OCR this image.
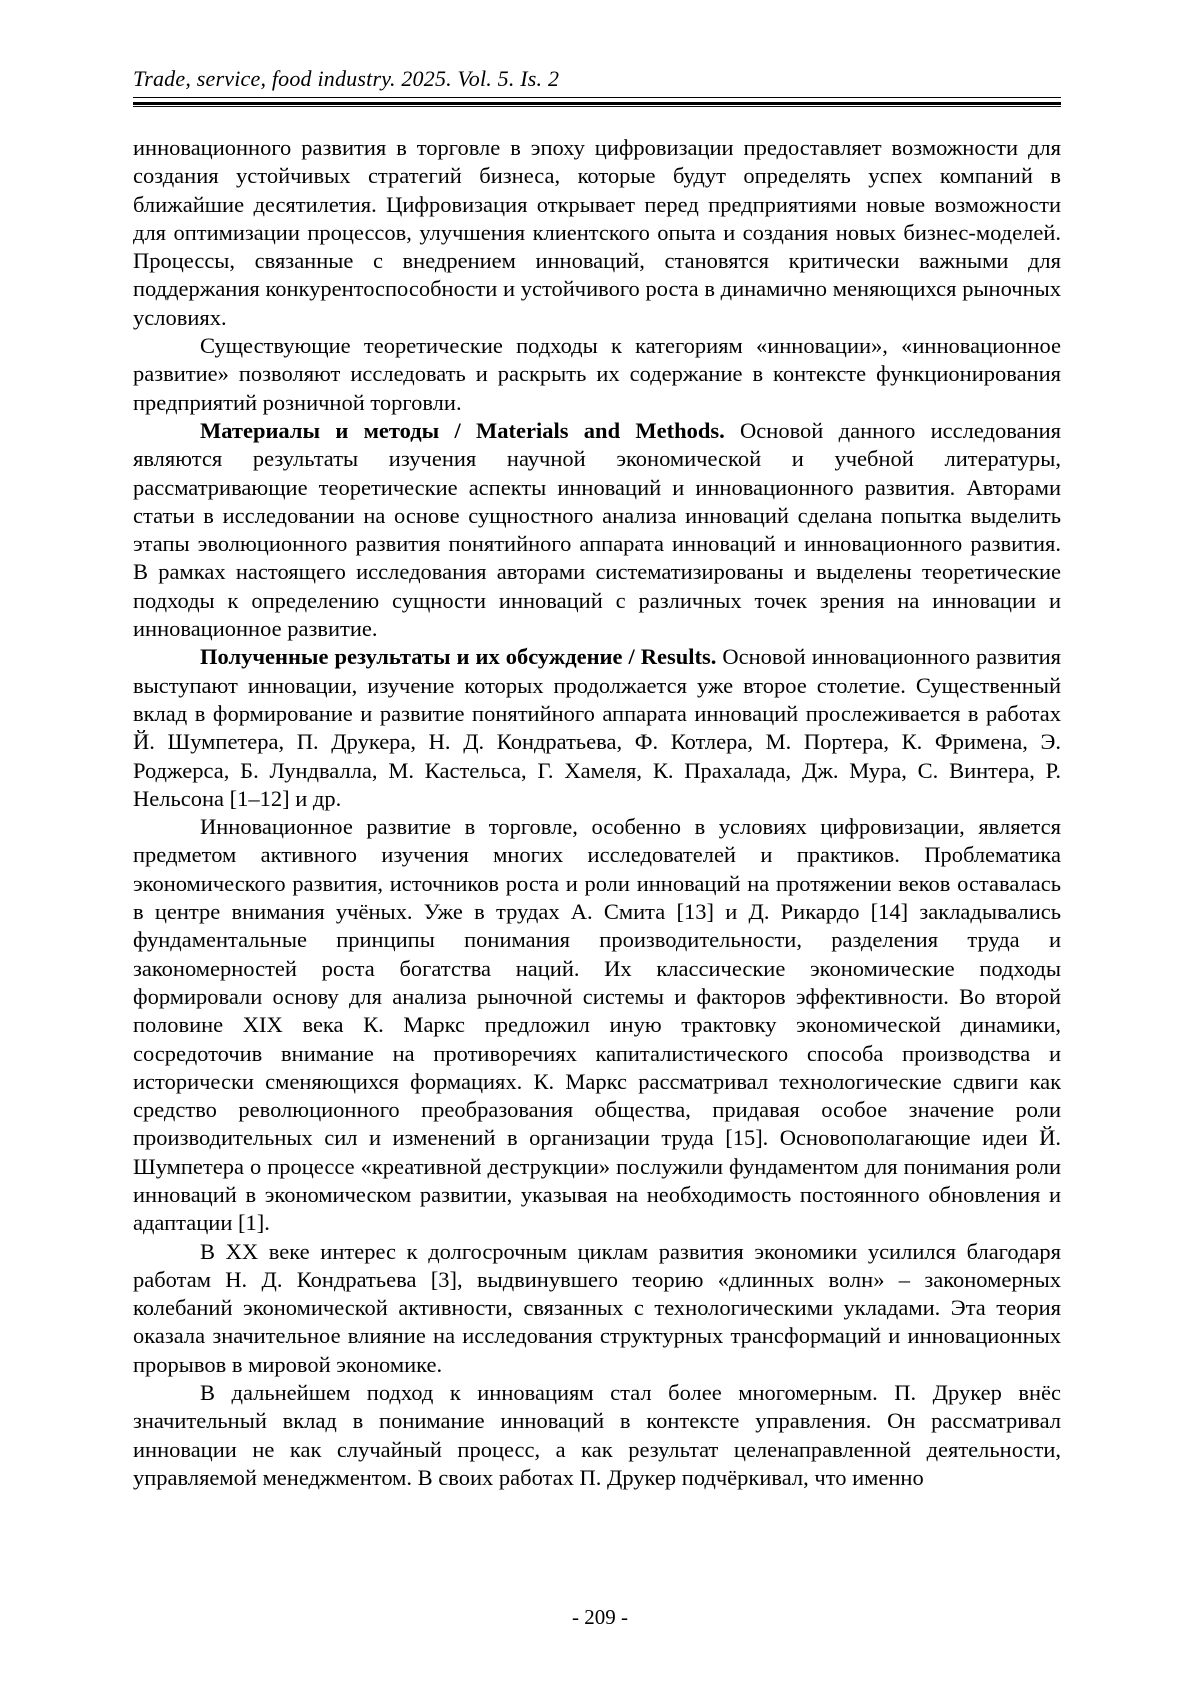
Trade, service, food industry. 2025. Vol. 5. Is. 2

инновационного развития в торговле в эпоху цифровизации предоставляет возможности для создания устойчивых стратегий бизнеса, которые будут определять успех компаний в ближайшие десятилетия. Цифровизация открывает перед предприятиями новые возможности для оптимизации процессов, улучшения клиентского опыта и создания новых бизнес-моделей. Процессы, связанные с внедрением инноваций, становятся критически важными для поддержания конкурентоспособности и устойчивого роста в динамично меняющихся рыночных условиях.

Существующие теоретические подходы к категориям «инновации», «инновационное развитие» позволяют исследовать и раскрыть их содержание в контексте функционирования предприятий розничной торговли.

Материалы и методы / Materials and Methods. Основой данного исследования являются результаты изучения научной экономической и учебной литературы, рассматривающие теоретические аспекты инноваций и инновационного развития. Авторами статьи в исследовании на основе сущностного анализа инноваций сделана попытка выделить этапы эволюционного развития понятийного аппарата инноваций и инновационного развития. В рамках настоящего исследования авторами систематизированы и выделены теоретические подходы к определению сущности инноваций с различных точек зрения на инновации и инновационное развитие.

Полученные результаты и их обсуждение / Results. Основой инновационного развития выступают инновации, изучение которых продолжается уже второе столетие. Существенный вклад в формирование и развитие понятийного аппарата инноваций прослеживается в работах Й. Шумпетера, П. Друкера, Н. Д. Кондратьева, Ф. Котлера, М. Портера, К. Фримена, Э. Роджерса, Б. Лундвалла, М. Кастельса, Г. Хамеля, К. Прахалада, Дж. Мура, С. Винтера, Р. Нельсона [1–12] и др.

Инновационное развитие в торговле, особенно в условиях цифровизации, является предметом активного изучения многих исследователей и практиков. Проблематика экономического развития, источников роста и роли инноваций на протяжении веков оставалась в центре внимания учёных. Уже в трудах А. Смита [13] и Д. Рикардо [14] закладывались фундаментальные принципы понимания производительности, разделения труда и закономерностей роста богатства наций. Их классические экономические подходы формировали основу для анализа рыночной системы и факторов эффективности. Во второй половине XIX века К. Маркс предложил иную трактовку экономической динамики, сосредоточив внимание на противоречиях капиталистического способа производства и исторически сменяющихся формациях. К. Маркс рассматривал технологические сдвиги как средство революционного преобразования общества, придавая особое значение роли производительных сил и изменений в организации труда [15]. Основополагающие идеи Й. Шумпетера о процессе «креативной деструкции» послужили фундаментом для понимания роли инноваций в экономическом развитии, указывая на необходимость постоянного обновления и адаптации [1].

В XX веке интерес к долгосрочным циклам развития экономики усилился благодаря работам Н. Д. Кондратьева [3], выдвинувшего теорию «длинных волн» – закономерных колебаний экономической активности, связанных с технологическими укладами. Эта теория оказала значительное влияние на исследования структурных трансформаций и инновационных прорывов в мировой экономике.

В дальнейшем подход к инновациям стал более многомерным. П. Друкер внёс значительный вклад в понимание инноваций в контексте управления. Он рассматривал инновации не как случайный процесс, а как результат целенаправленной деятельности, управляемой менеджментом. В своих работах П. Друкер подчёркивал, что именно

- 209 -
